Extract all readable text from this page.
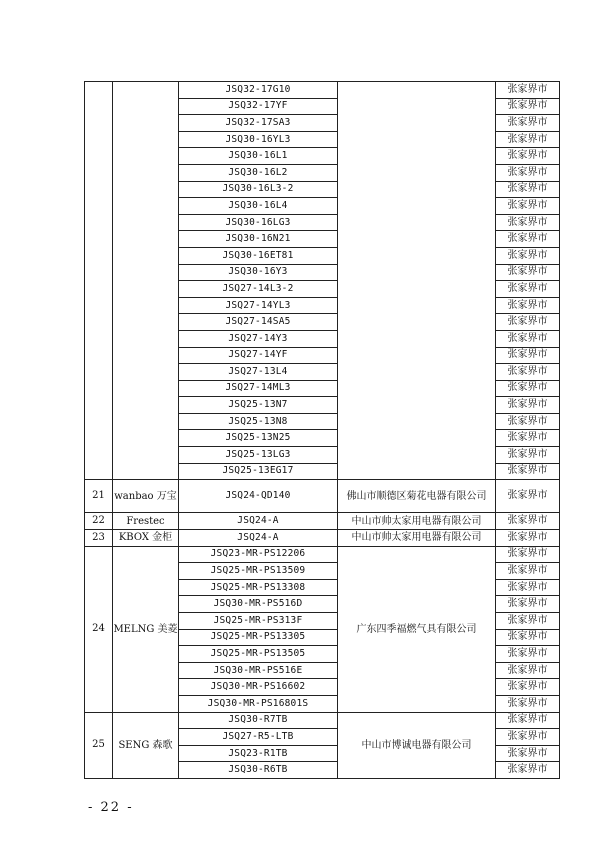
		JSQ32-17G10		张家界市
		JSQ32-17YF		张家界市
		JSQ32-17SA3		张家界市
		JSQ30-16YL3		张家界市
		JSQ30-16L1		张家界市
		JSQ30-16L2		张家界市
		JSQ30-16L3-2		张家界市
		JSQ30-16L4		张家界市
		JSQ30-16LG3		张家界市
		JSQ30-16N21		张家界市
		JSQ30-16ET81		张家界市
		JSQ30-16Y3		张家界市
		JSQ27-14L3-2		张家界市
		JSQ27-14YL3		张家界市
		JSQ27-14SA5		张家界市
		JSQ27-14Y3		张家界市
		JSQ27-14YF		张家界市
		JSQ27-13L4		张家界市
		JSQ27-14ML3		张家界市
		JSQ25-13N7		张家界市
		JSQ25-13N8		张家界市
		JSQ25-13N25		张家界市
		JSQ25-13LG3		张家界市
		JSQ25-13EG17		张家界市
21	wanbao 万宝	JSQ24-QD140	佛山市顺德区菊花电器有限公司	张家界市
22	Frestec	JSQ24-A	中山市帅太家用电器有限公司	张家界市
23	KBOX 金柜	JSQ24-A	中山市帅太家用电器有限公司	张家界市
24	MELNG 美菱	JSQ23-MR-PS12206	广东四季福燃气具有限公司	张家界市
		JSQ25-MR-PS13509		张家界市
		JSQ25-MR-PS13308		张家界市
		JSQ30-MR-PS516D		张家界市
		JSQ25-MR-PS313F		张家界市
		JSQ25-MR-PS13305		张家界市
		JSQ25-MR-PS13505		张家界市
		JSQ30-MR-PS516E		张家界市
		JSQ30-MR-PS16602		张家界市
		JSQ30-MR-PS16801S		张家界市
25	SENG 森歌	JSQ30-R7TB	中山市博诚电器有限公司	张家界市
		JSQ27-R5-LTB		张家界市
		JSQ23-R1TB		张家界市
		JSQ30-R6TB		张家界市
- 22 -
